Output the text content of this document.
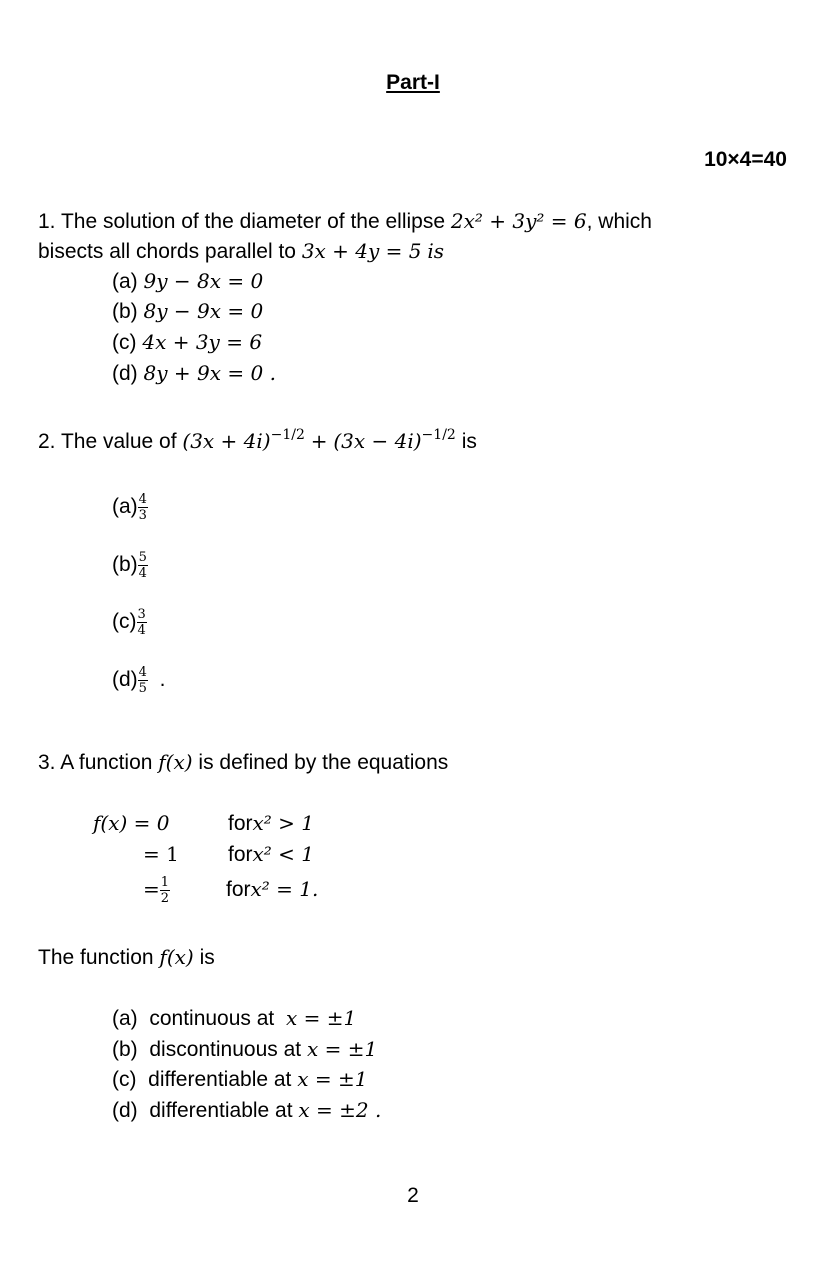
Part-I
10×4=40
1. The solution of the diameter of the ellipse 2x² + 3y² = 6, which
bisects all chords parallel to 3x + 4y = 5 is
(a) 9y − 8x = 0
(b) 8y − 9x = 0
(c) 4x + 3y = 6
(d) 8y + 9x = 0 .
2. The value of $(3x + 4i)^{-1/2} + (3x - 4i)^{-1/2}$ is
$(a) \frac{4}{3}$
$(b) \frac{5}{4}$
$(c) \frac{3}{4}$
$(d) \frac{4}{5}$ .
3. A function f(x) is defined by the equations
f(x) = 0	forx² > 1
= 1 forx² < 1
= $\frac{1}{2}$	forx² = 1.
The function f(x) is
(a) continuous at x = ±1
(b) discontinuous at x = ±1
(c) differentiable at x = ±1
(d) differentiable at x = ±2 .
2
